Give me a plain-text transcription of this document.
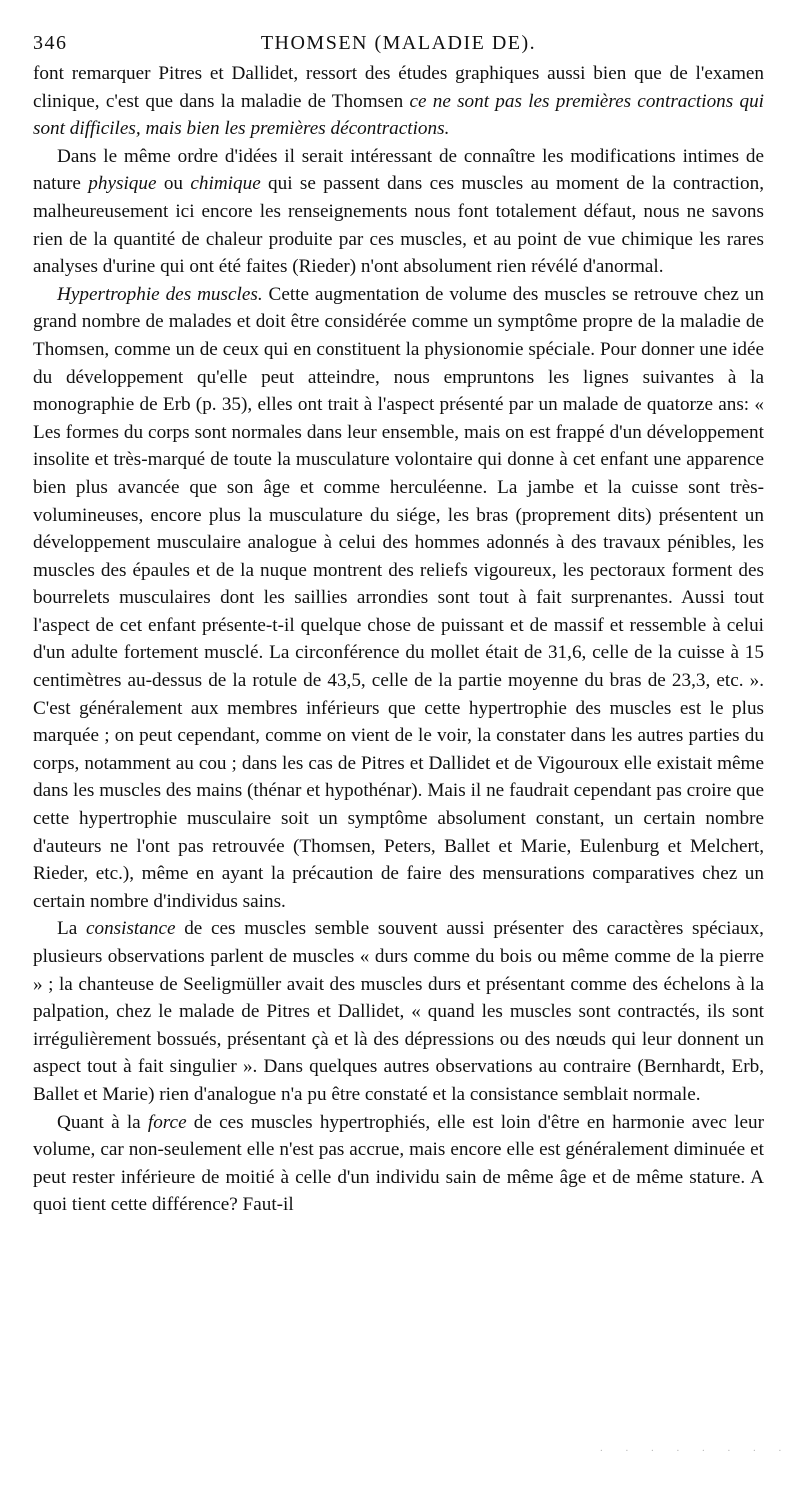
346	THOMSEN (MALADIE DE).

font remarquer Pitres et Dallidet, ressort des études graphiques aussi bien que de l'examen clinique, c'est que dans la maladie de Thomsen ce ne sont pas les premières contractions qui sont difficiles, mais bien les premières décontractions.

Dans le même ordre d'idées il serait intéressant de connaître les modifications intimes de nature physique ou chimique qui se passent dans ces muscles au moment de la contraction, malheureusement ici encore les renseignements nous font totalement défaut, nous ne savons rien de la quantité de chaleur produite par ces muscles, et au point de vue chimique les rares analyses d'urine qui ont été faites (Rieder) n'ont absolument rien révélé d'anormal.

Hypertrophie des muscles. Cette augmentation de volume des muscles se retrouve chez un grand nombre de malades et doit être considérée comme un symptôme propre de la maladie de Thomsen, comme un de ceux qui en constituent la physionomie spéciale. Pour donner une idée du développement qu'elle peut atteindre, nous empruntons les lignes suivantes à la monographie de Erb (p. 35), elles ont trait à l'aspect présenté par un malade de quatorze ans: « Les formes du corps sont normales dans leur ensemble, mais on est frappé d'un développement insolite et très-marqué de toute la musculature volontaire qui donne à cet enfant une apparence bien plus avancée que son âge et comme herculéenne. La jambe et la cuisse sont très-volumineuses, encore plus la musculature du siége, les bras (proprement dits) présentent un développement musculaire analogue à celui des hommes adonnés à des travaux pénibles, les muscles des épaules et de la nuque montrent des reliefs vigoureux, les pectoraux forment des bourrelets musculaires dont les saillies arrondies sont tout à fait surprenantes. Aussi tout l'aspect de cet enfant présente-t-il quelque chose de puissant et de massif et ressemble à celui d'un adulte fortement musclé. La circonférence du mollet était de 31,6, celle de la cuisse à 15 centimètres au-dessus de la rotule de 43,5, celle de la partie moyenne du bras de 23,3, etc. ». C'est généralement aux membres inférieurs que cette hypertrophie des muscles est le plus marquée ; on peut cependant, comme on vient de le voir, la constater dans les autres parties du corps, notamment au cou ; dans les cas de Pitres et Dallidet et de Vigouroux elle existait même dans les muscles des mains (thénar et hypothénar). Mais il ne faudrait cependant pas croire que cette hypertrophie musculaire soit un symptôme absolument constant, un certain nombre d'auteurs ne l'ont pas retrouvée (Thomsen, Peters, Ballet et Marie, Eulenburg et Melchert, Rieder, etc.), même en ayant la précaution de faire des mensurations comparatives chez un certain nombre d'individus sains.

La consistance de ces muscles semble souvent aussi présenter des caractères spéciaux, plusieurs observations parlent de muscles « durs comme du bois ou même comme de la pierre » ; la chanteuse de Seeligmüller avait des muscles durs et présentant comme des échelons à la palpation, chez le malade de Pitres et Dallidet, « quand les muscles sont contractés, ils sont irrégulièrement bossués, présentant çà et là des dépressions ou des nœuds qui leur donnent un aspect tout à fait singulier ». Dans quelques autres observations au contraire (Bernhardt, Erb, Ballet et Marie) rien d'analogue n'a pu être constaté et la consistance semblait normale.

Quant à la force de ces muscles hypertrophiés, elle est loin d'être en harmonie avec leur volume, car non-seulement elle n'est pas accrue, mais encore elle est généralement diminuée et peut rester inférieure de moitié à celle d'un individu sain de même âge et de même stature. A quoi tient cette différence? Faut-il

. . . . . . . .
